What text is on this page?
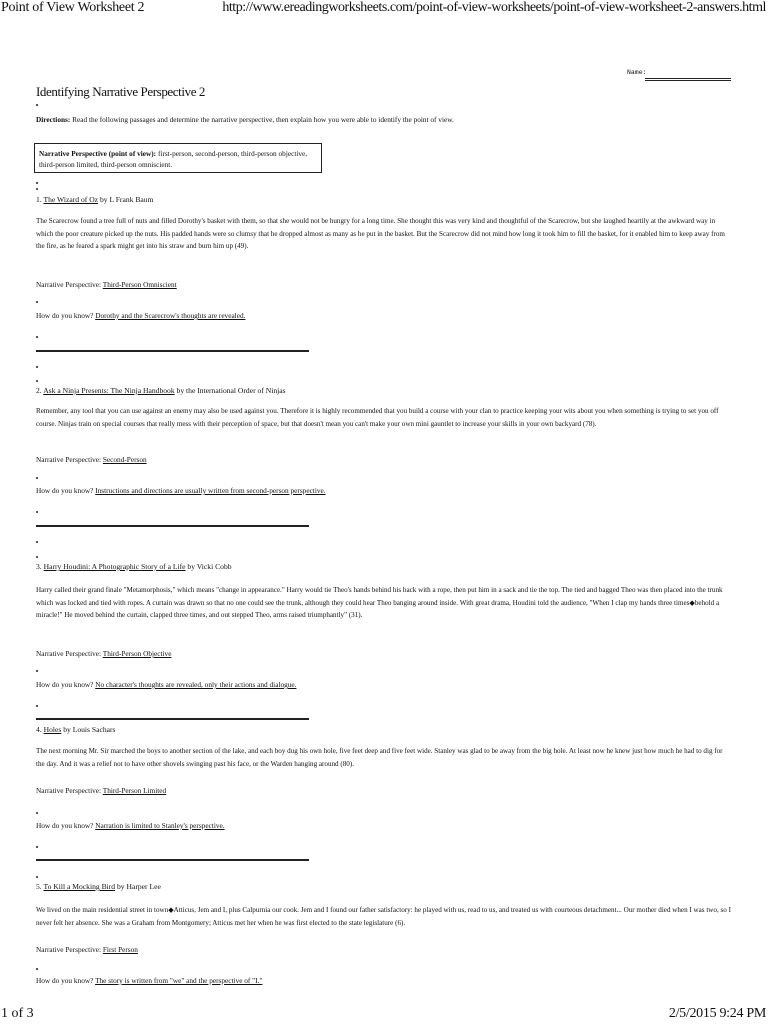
Point of View Worksheet 2	http://www.ereadingworksheets.com/point-of-view-worksheets/point-of-view-worksheet-2-answers.html
Name:
Identifying Narrative Perspective 2
Directions: Read the following passages and determine the narrative perspective, then explain how you were able to identify the point of view.
Narrative Perspective (point of view): first-person, second-person, third-person objective, third-person limited, third-person omniscient.
1. The Wizard of Oz by L Frank Baum
The Scarecrow found a tree full of nuts and filled Dorothy's basket with them, so that she would not be hungry for a long time. She thought this was very kind and thoughtful of the Scarecrow, but she laughed heartily at the awkward way in which the poor creature picked up the nuts. His padded hands were so clumsy that he dropped almost as many as he put in the basket. But the Scarecrow did not mind how long it took him to fill the basket, for it enabled him to keep away from the fire, as he feared a spark might get into his straw and burn him up (49).
Narrative Perspective: Third-Person Omniscient
How do you know? Dorothy and the Scarecrow's thoughts are revealed.
2. Ask a Ninja Presents: The Ninja Handbook by the International Order of Ninjas
Remember, any tool that you can use against an enemy may also be used against you. Therefore it is highly recommended that you build a course with your clan to practice keeping your wits about you when something is trying to set you off course. Ninjas train on special courses that really mess with their perception of space, but that doesn't mean you can't make your own mini gauntlet to increase your skills in your own backyard (78).
Narrative Perspective: Second-Person
How do you know? Instructions and directions are usually written from second-person perspective.
3. Harry Houdini: A Photographic Story of a Life by Vicki Cobb
Harry called their grand finale "Metamorphosis," which means "change in appearance." Harry would tie Theo's hands behind his back with a rope, then put him in a sack and tie the top. The tied and bagged Theo was then placed into the trunk which was locked and tied with ropes. A curtain was drawn so that no one could see the trunk, although they could hear Theo banging around inside. With great drama, Houdini told the audience, "When I clap my hands three times◆behold a miracle!" He moved behind the curtain, clapped three times, and out stepped Theo, arms raised triumphantly" (31).
Narrative Perspective: Third-Person Objective
How do you know? No character's thoughts are revealed, only their actions and dialogue.
4. Holes by Louis Sachars
The next morning Mr. Sir marched the boys to another section of the lake, and each boy dug his own hole, five feet deep and five feet wide. Stanley was glad to be away from the big hole. At least now he knew just how much he had to dig for the day. And it was a relief not to have other shovels swinging past his face, or the Warden hanging around (80).
Narrative Perspective: Third-Person Limited
How do you know? Narration is limited to Stanley's perspective.
5. To Kill a Mocking Bird by Harper Lee
We lived on the main residential street in town◆Atticus, Jem and I, plus Calpurnia our cook. Jem and I found our father satisfactory: he played with us, read to us, and treated us with courteous detachment... Our mother died when I was two, so I never felt her absence. She was a Graham from Montgomery; Atticus met her when he was first elected to the state legislature (6).
Narrative Perspective: First Person
How do you know? The story is written from "we" and the perspective of "I."
1 of 3	2/5/2015 9:24 PM
